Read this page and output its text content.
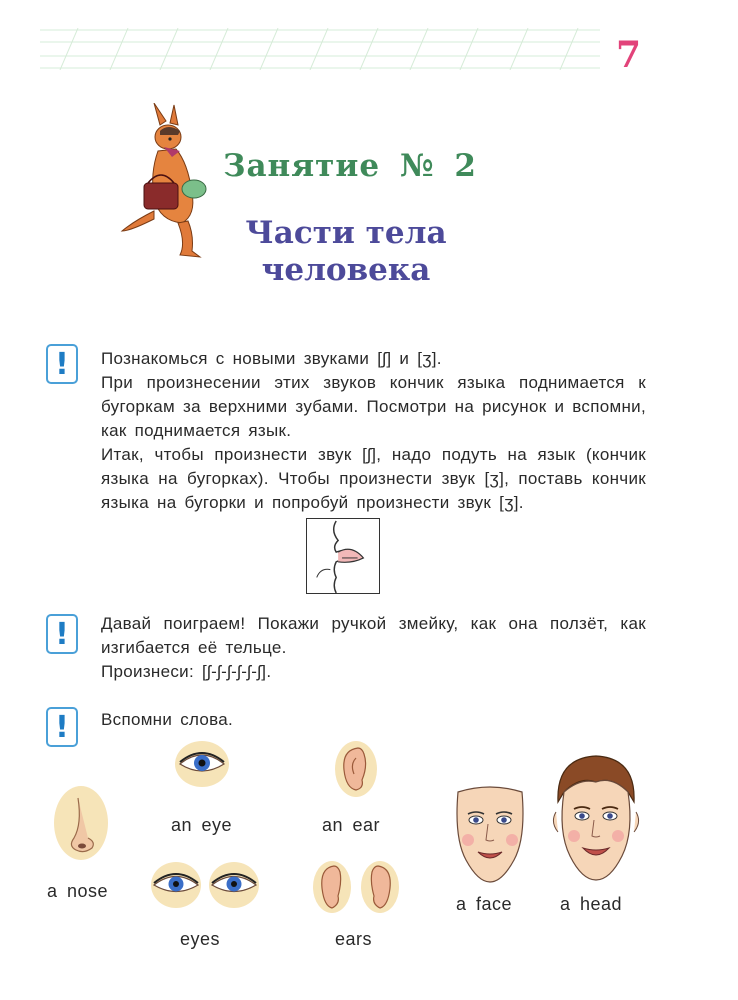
7
Занятие № 2
Части тела
человека
!	Познакомься с новыми звуками [ʃ] и [ʒ].

При произнесении этих звуков кончик языка поднимается к бугоркам за верхними зубами. Посмотри на рисунок и вспомни, как поднимается язык.

Итак, чтобы произнести звук [ʃ], надо подуть на язык (кончик языка на бугорках). Чтобы произнести звук [ʒ], поставь кончик языка на бугорки и попробуй произнести звук [ʒ].

!	Давай поиграем! Покажи ручкой змейку, как она ползёт, как изгибается её тельце.

Произнеси: [ʃ-ʃ-ʃ-ʃ-ʃ-ʃ].

!	Вспомни слова.

a nose
an eye
eyes
an ear
ears
a face	a head
